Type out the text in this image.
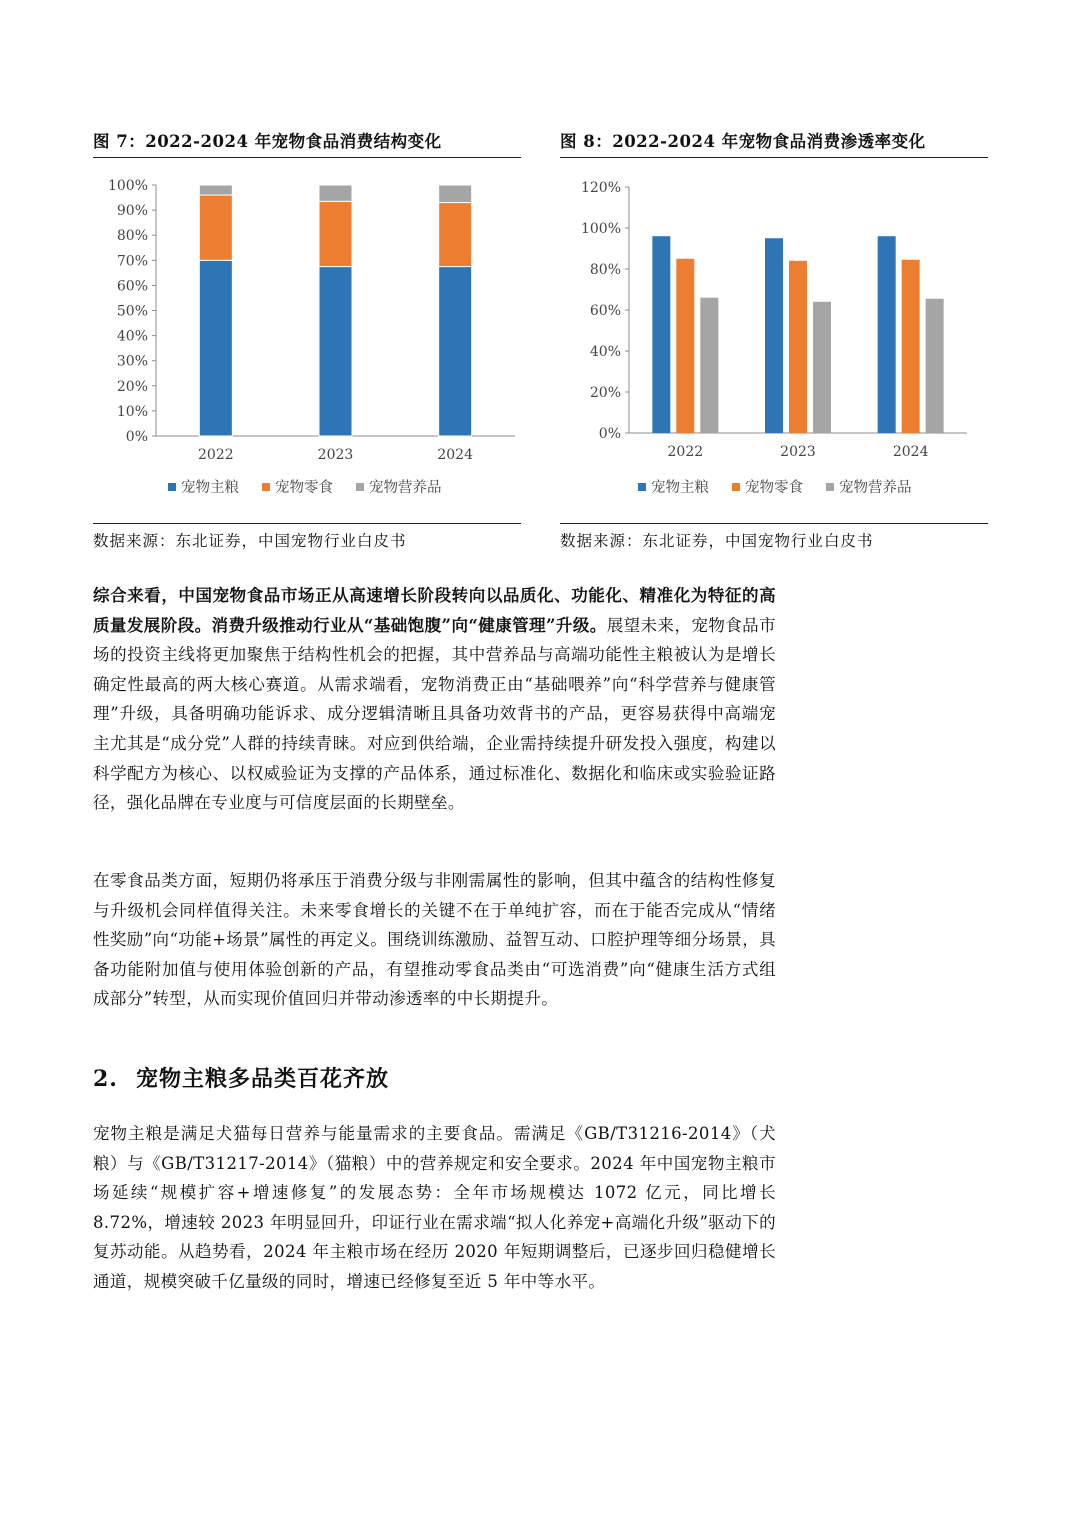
图 7：2022-2024 年宠物食品消费结构变化	图 8：2022-2024 年宠物食品消费渗透率变化
0%
10%
20%
30%
40%
50%
60%
70%
80%
90%
100%
2022	2023	2024
宠物主粮 宠物零食 宠物营养品
0%
20%
40%
60%
80%
100%
120%
2022	2023	2024
宠物主粮 宠物零食 宠物营养品
数据来源：东北证券，中国宠物行业白皮书	数据来源：东北证券，中国宠物行业白皮书

综合来看，中国宠物食品市场正从高速增长阶段转向以品质化、功能化、精准化为特征的高质量发展阶段。消费升级推动行业从“基础饱腹”向“健康管理”升级。展望未来，宠物食品市场的投资主线将更加聚焦于结构性机会的把握，其中营养品与高端功能性主粮被认为是增长确定性最高的两大核心赛道。从需求端看，宠物消费正由“基础喂养”向“科学营养与健康管理”升级，具备明确功能诉求、成分逻辑清晰且具备功效背书的产品，更容易获得中高端宠主尤其是“成分党”人群的持续青睐。对应到供给端，企业需持续提升研发投入强度，构建以科学配方为核心、以权威验证为支撑的产品体系，通过标准化、数据化和临床或实验验证路径，强化品牌在专业度与可信度层面的长期壁垒。

在零食品类方面，短期仍将承压于消费分级与非刚需属性的影响，但其中蕴含的结构性修复与升级机会同样值得关注。未来零食增长的关键不在于单纯扩容，而在于能否完成从“情绪性奖励”向“功能+场景”属性的再定义。围绕训练激励、益智互动、口腔护理等细分场景，具备功能附加值与使用体验创新的产品，有望推动零食品类由“可选消费”向“健康生活方式组成部分”转型，从而实现价值回归并带动渗透率的中长期提升。

2. 宠物主粮多品类百花齐放

宠物主粮是满足犬猫每日营养与能量需求的主要食品。需满足《GB/T31216-2014》（犬粮）与《GB/T31217-2014》（猫粮）中的营养规定和安全要求。2024 年中国宠物主粮市场延续“规模扩容+增速修复”的发展态势：全年市场规模达 1072 亿元，同比增长 8.72%，增速较 2023 年明显回升，印证行业在需求端“拟人化养宠+高端化升级”驱动下的复苏动能。从趋势看，2024 年主粮市场在经历 2020 年短期调整后，已逐步回归稳健增长通道，规模突破千亿量级的同时，增速已经修复至近 5 年中等水平。
